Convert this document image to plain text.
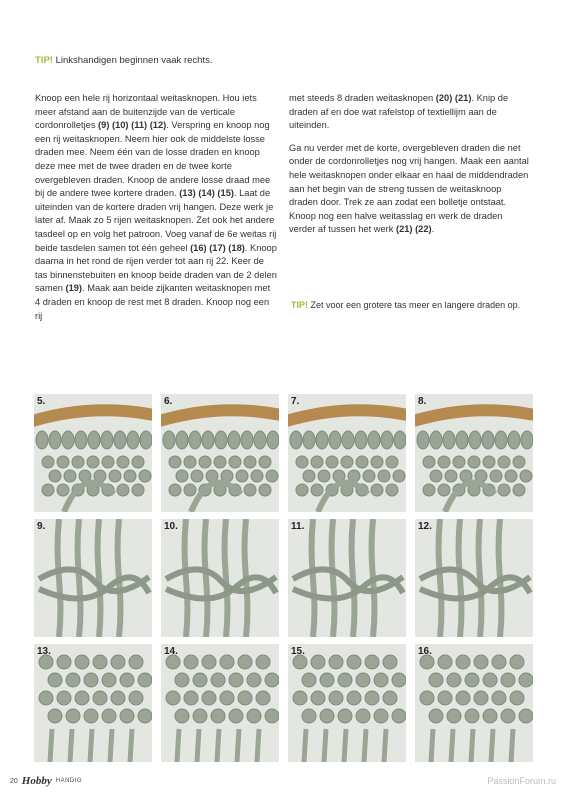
TIP! Linkshandigen beginnen vaak rechts.

Knoop een hele rij horizontaal weitasknopen. Hou iets meer afstand aan de buitenzijde van de verticale cordonrolletjes (9) (10) (11) (12). Verspring en knoop nog een rij weitasknopen. Neem hier ook de middelste losse draden mee. Neem één van de losse draden en knoop deze mee met de twee draden en de twee korte overgebleven draden. Knoop de andere losse draad mee bij de andere twee kortere draden. (13) (14) (15). Laat de uiteinden van de kortere draden vrij hangen. Deze werk je later af. Maak zo 5 rijen weitasknopen. Zet ook het andere tasdeel op en volg het patroon. Voeg vanaf de 6e weitas rij beide tasdelen samen tot één geheel (16) (17) (18). Knoop daarna in het rond de rijen verder tot aan rij 22. Keer de tas binnenstebuiten en knoop beide draden van de 2 delen samen (19). Maak aan beide zijkanten weitasknopen met 4 draden en knoop de rest met 8 draden. Knoop nog een rij

met steeds 8 draden weitasknopen (20) (21). Knip de draden af en doe wat rafelstop of textiellijm aan de uiteinden.

Ga nu verder met de korte, overgebleven draden die net onder de cordonrolletjes nog vrij hangen. Maak een aantal hele weitasknopen onder elkaar en haal de middendraden aan het begin van de streng tussen de weitasknoop draden door. Trek ze aan zodat een bolletje ontstaat. Knoop nog een halve weitasslag en werk de draden verder af tussen het werk (21) (22).

TIP! Zet voor een grotere tas meer en langere draden op.
5.	6.	7.	8.
9.	10.	11.	12.
13.	14.	15.	16.
20 Hobby HANDIG	PassionForum.ru
